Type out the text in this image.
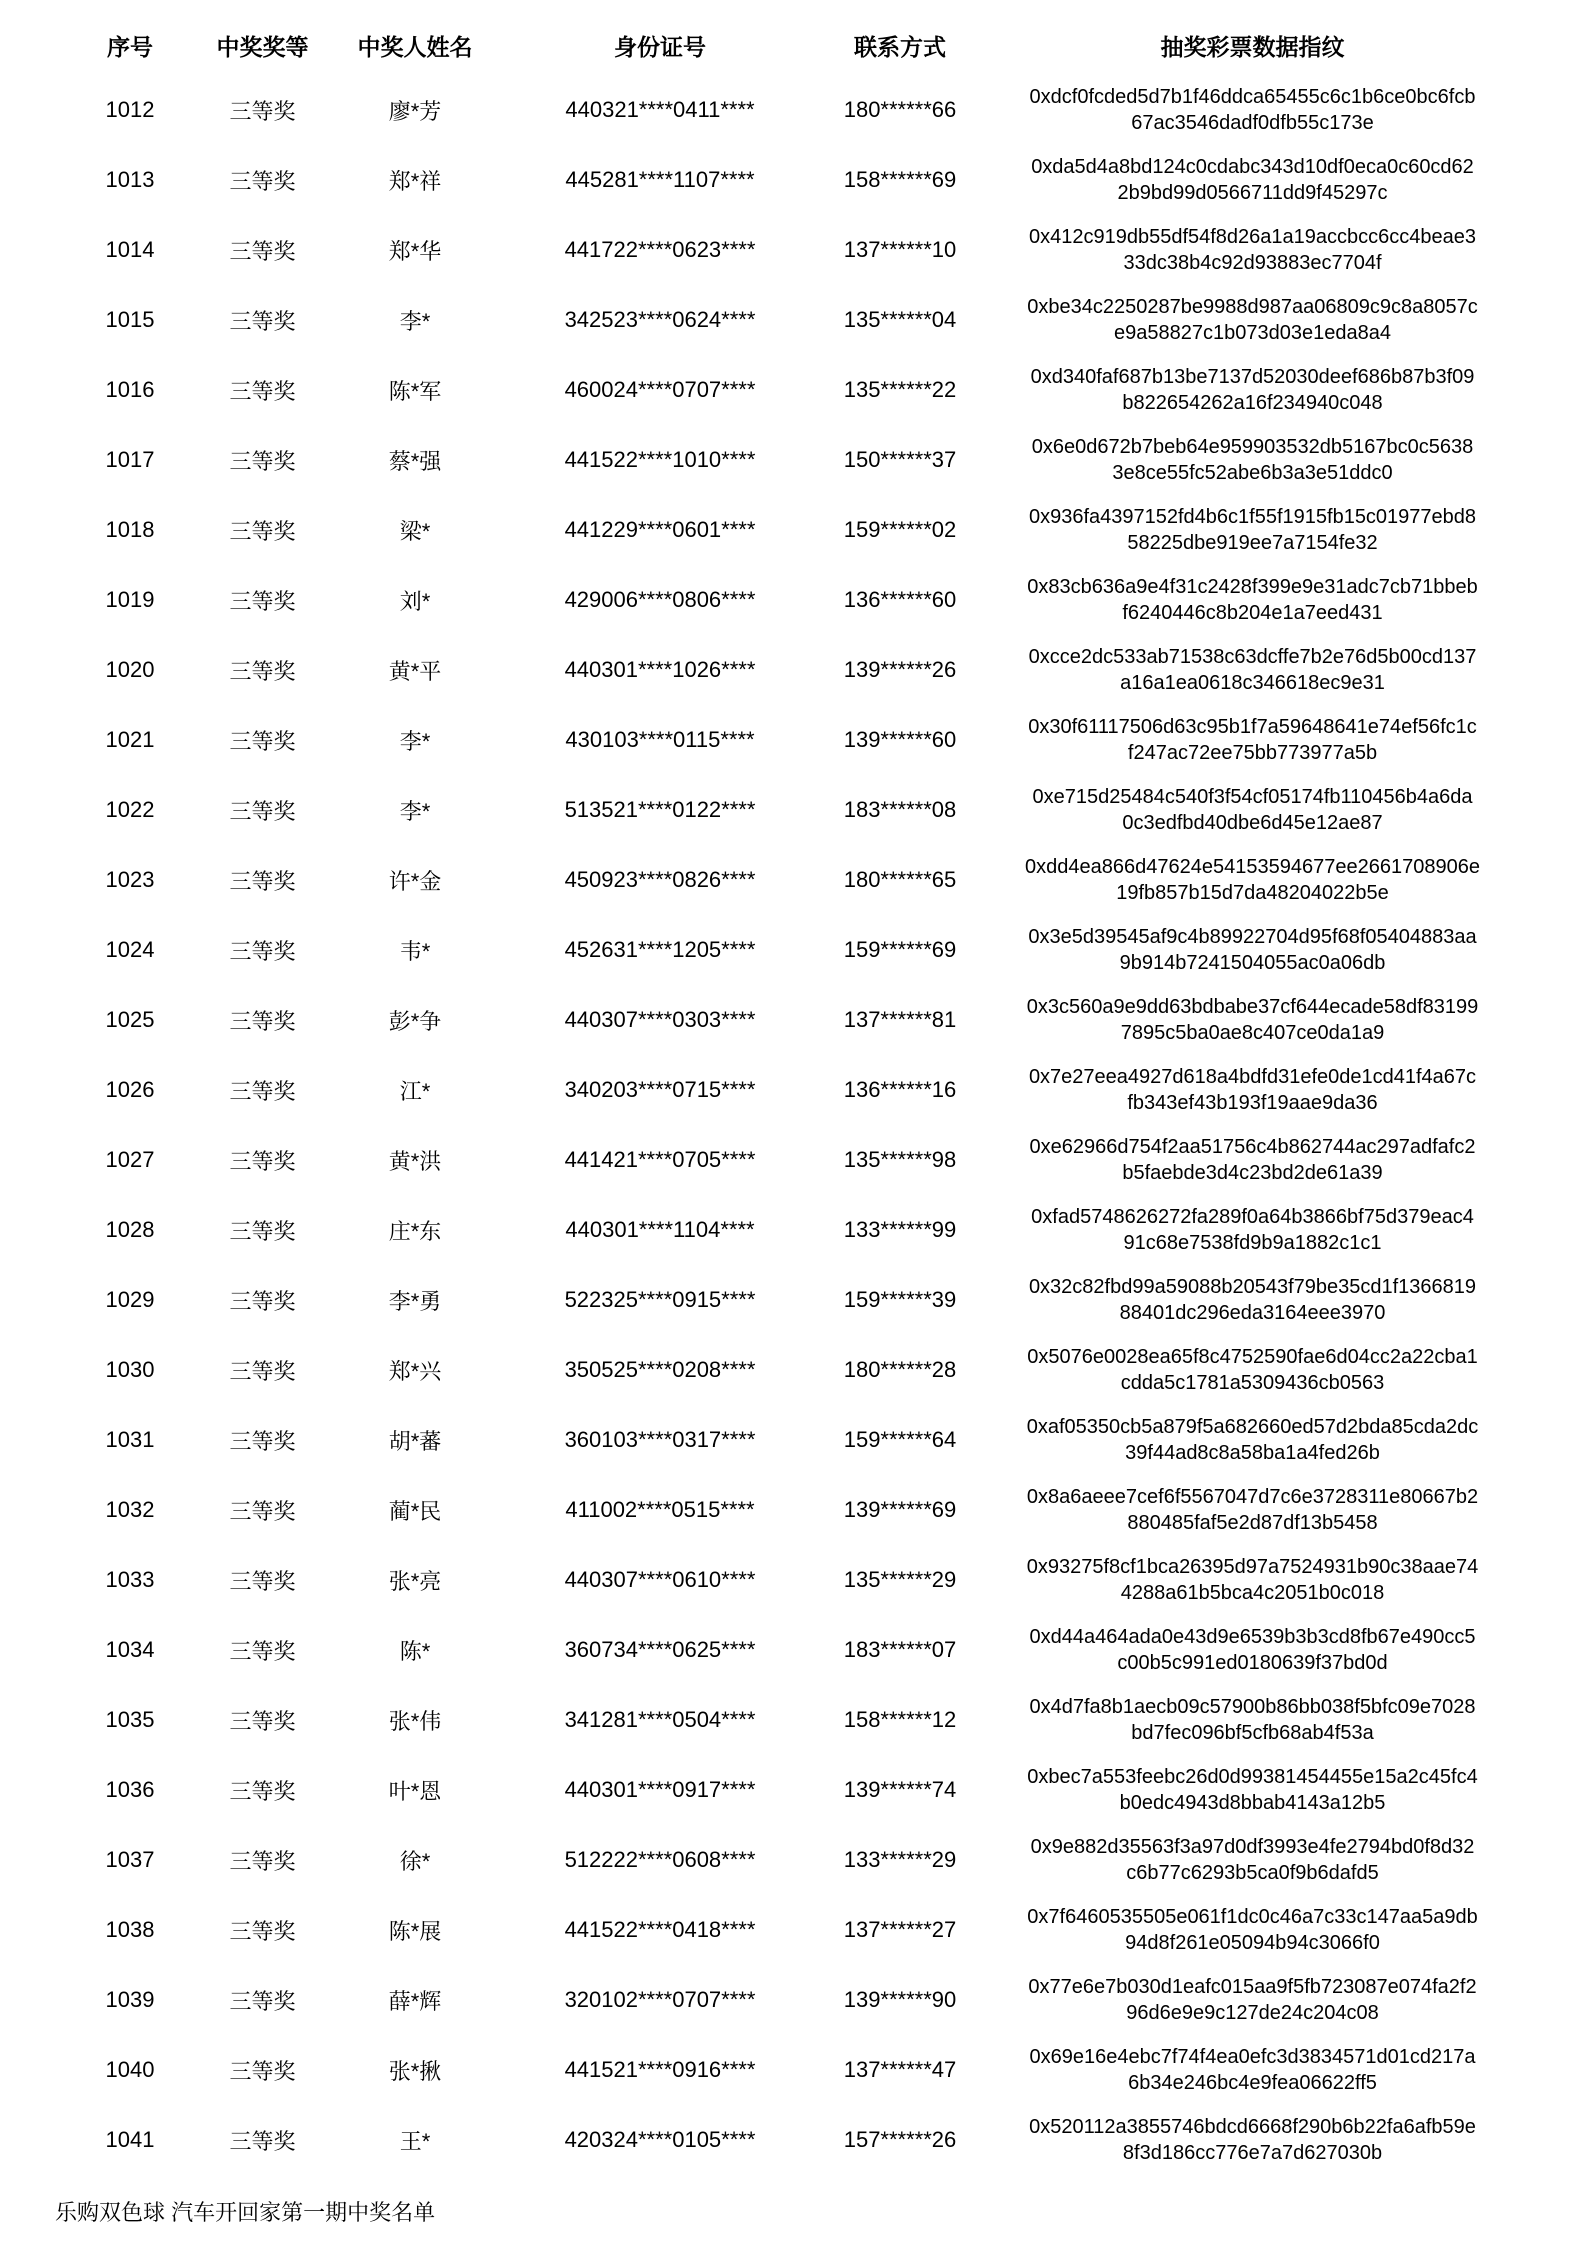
序号	中奖奖等	中奖人姓名	身份证号	联系方式	抽奖彩票数据指纹
1012	三等奖	廖*芳	440321****0411****	180******66	0xdcf0fcded5d7b1f46ddca65455c6c1b6ce0bc6fcb
67ac3546dadf0dfb55c173e

1013	三等奖	郑*祥	445281****1107****	158******69	0xda5d4a8bd124c0cdabc343d10df0eca0c60cd62
2b9bd99d0566711dd9f45297c

1014	三等奖	郑*华	441722****0623****	137******10	0x412c919db55df54f8d26a1a19accbcc6cc4beae3
33dc38b4c92d93883ec7704f

1015	三等奖	李*	342523****0624****	135******04	0xbe34c2250287be9988d987aa06809c9c8a8057c
e9a58827c1b073d03e1eda8a4

1016	三等奖	陈*军	460024****0707****	135******22	0xd340faf687b13be7137d52030deef686b87b3f09
b822654262a16f234940c048

1017	三等奖	蔡*强	441522****1010****	150******37	0x6e0d672b7beb64e959903532db5167bc0c5638
3e8ce55fc52abe6b3a3e51ddc0

1018	三等奖	梁*	441229****0601****	159******02	0x936fa4397152fd4b6c1f55f1915fb15c01977ebd8
58225dbe919ee7a7154fe32

1019	三等奖	刘*	429006****0806****	136******60	0x83cb636a9e4f31c2428f399e9e31adc7cb71bbeb
f6240446c8b204e1a7eed431

1020	三等奖	黄*平	440301****1026****	139******26	0xcce2dc533ab71538c63dcffe7b2e76d5b00cd137
a16a1ea0618c346618ec9e31

1021	三等奖	李*	430103****0115****	139******60	0x30f61117506d63c95b1f7a59648641e74ef56fc1c
f247ac72ee75bb773977a5b

1022	三等奖	李*	513521****0122****	183******08	0xe715d25484c540f3f54cf05174fb110456b4a6da
0c3edfbd40dbe6d45e12ae87

1023	三等奖	许*金	450923****0826****	180******65	0xdd4ea866d47624e54153594677ee2661708906e
19fb857b15d7da48204022b5e

1024	三等奖	韦*	452631****1205****	159******69	0x3e5d39545af9c4b89922704d95f68f05404883aa
9b914b7241504055ac0a06db

1025	三等奖	彭*争	440307****0303****	137******81	0x3c560a9e9dd63bdbabe37cf644ecade58df83199
7895c5ba0ae8c407ce0da1a9

1026	三等奖	江*	340203****0715****	136******16	0x7e27eea4927d618a4bdfd31efe0de1cd41f4a67c
fb343ef43b193f19aae9da36

1027	三等奖	黄*洪	441421****0705****	135******98	0xe62966d754f2aa51756c4b862744ac297adfafc2
b5faebde3d4c23bd2de61a39

1028	三等奖	庄*东	440301****1104****	133******99	0xfad5748626272fa289f0a64b3866bf75d379eac4
91c68e7538fd9b9a1882c1c1

1029	三等奖	李*勇	522325****0915****	159******39	0x32c82fbd99a59088b20543f79be35cd1f1366819
88401dc296eda3164eee3970

1030	三等奖	郑*兴	350525****0208****	180******28	0x5076e0028ea65f8c4752590fae6d04cc2a22cba1
cdda5c1781a5309436cb0563

1031	三等奖	胡*蕃	360103****0317****	159******64	0xaf05350cb5a879f5a682660ed57d2bda85cda2dc
39f44ad8c8a58ba1a4fed26b

1032	三等奖	蔺*民	411002****0515****	139******69	0x8a6aeee7cef6f5567047d7c6e3728311e80667b2
880485faf5e2d87df13b5458

1033	三等奖	张*亮	440307****0610****	135******29	0x93275f8cf1bca26395d97a7524931b90c38aae74
4288a61b5bca4c2051b0c018

1034	三等奖	陈*	360734****0625****	183******07	0xd44a464ada0e43d9e6539b3b3cd8fb67e490cc5
c00b5c991ed0180639f37bd0d

1035	三等奖	张*伟	341281****0504****	158******12	0x4d7fa8b1aecb09c57900b86bb038f5bfc09e7028
bd7fec096bf5cfb68ab4f53a

1036	三等奖	叶*恩	440301****0917****	139******74	0xbec7a553feebc26d0d99381454455e15a2c45fc4
b0edc4943d8bbab4143a12b5

1037	三等奖	徐*	512222****0608****	133******29	0x9e882d35563f3a97d0df3993e4fe2794bd0f8d32
c6b77c6293b5ca0f9b6dafd5

1038	三等奖	陈*展	441522****0418****	137******27	0x7f6460535505e061f1dc0c46a7c33c147aa5a9db
94d8f261e05094b94c3066f0

1039	三等奖	薛*辉	320102****0707****	139******90	0x77e6e7b030d1eafc015aa9f5fb723087e074fa2f2
96d6e9e9c127de24c204c08

1040	三等奖	张*揪	441521****0916****	137******47	0x69e16e4ebc7f74f4ea0efc3d3834571d01cd217a
6b34e246bc4e9fea06622ff5

1041	三等奖	王*	420324****0105****	157******26	0x520112a3855746bdcd6668f290b6b22fa6afb59e
8f3d186cc776e7a7d627030b
乐购双色球 汽车开回家第一期中奖名单
